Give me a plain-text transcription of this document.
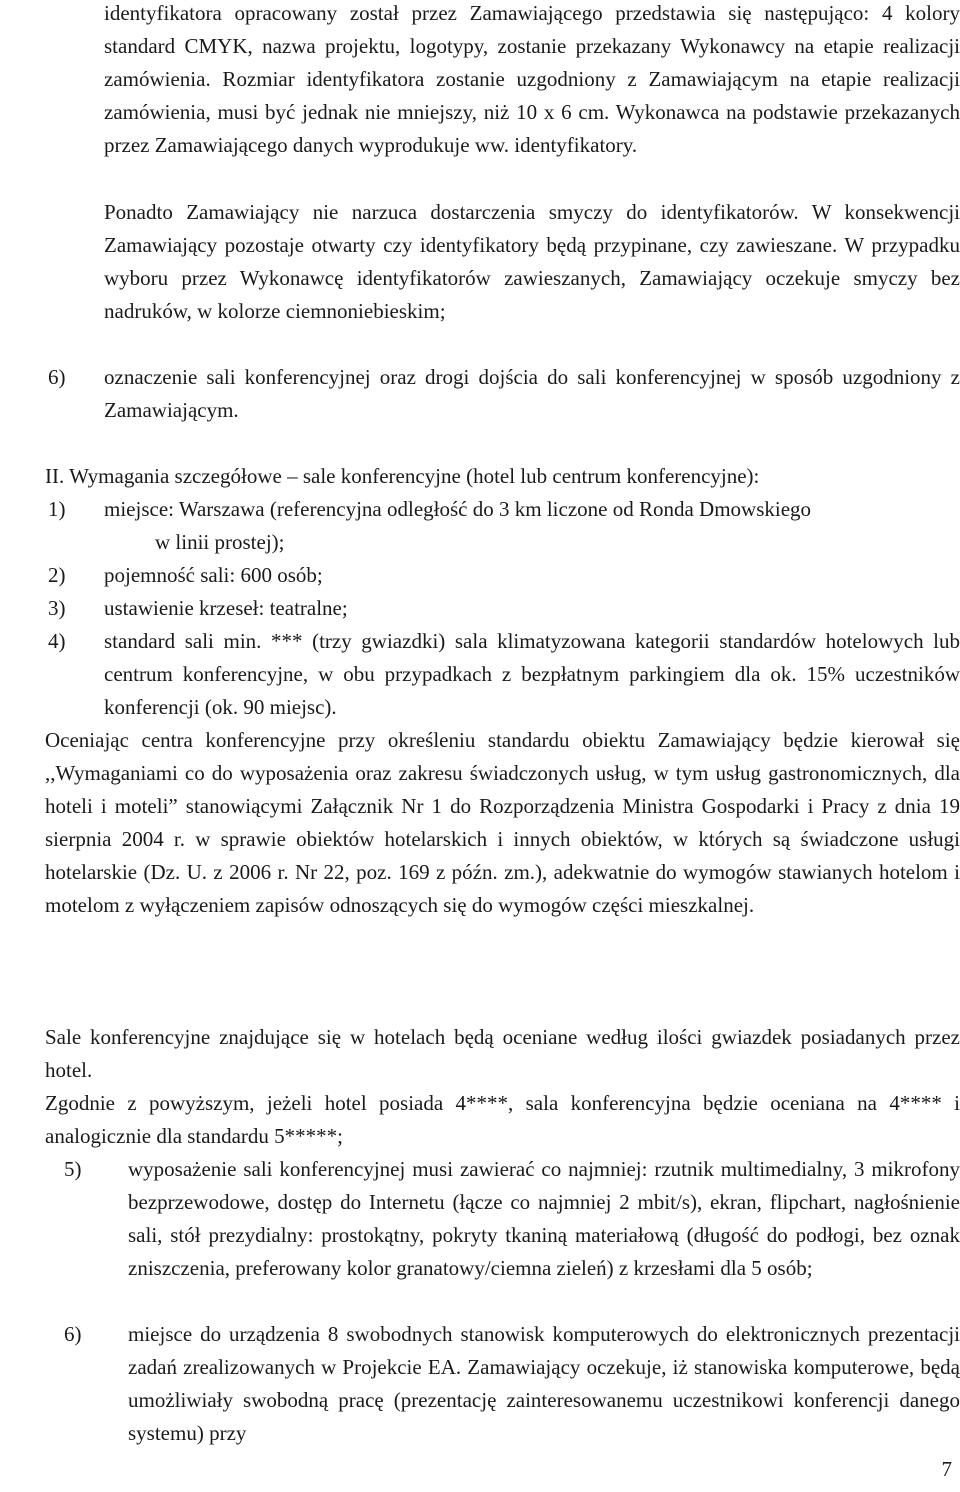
identyfikatora opracowany został przez Zamawiającego przedstawia się następująco: 4 kolory standard CMYK, nazwa projektu, logotypy, zostanie przekazany Wykonawcy na etapie realizacji zamówienia. Rozmiar identyfikatora zostanie uzgodniony z Zamawiającym na etapie realizacji zamówienia, musi być jednak nie mniejszy, niż 10 x 6 cm. Wykonawca na podstawie przekazanych przez Zamawiającego danych wyprodukuje ww. identyfikatory.
Ponadto Zamawiający nie narzuca dostarczenia smyczy do identyfikatorów. W konsekwencji Zamawiający pozostaje otwarty czy identyfikatory będą przypinane, czy zawieszane. W przypadku wyboru przez Wykonawcę identyfikatorów zawieszanych, Zamawiający oczekuje smyczy bez nadruków, w kolorze ciemnoniebieskim;
6) oznaczenie sali konferencyjnej oraz drogi dojścia do sali konferencyjnej w sposób uzgodniony z Zamawiającym.
II. Wymagania szczegółowe – sale konferencyjne (hotel lub centrum konferencyjne):
1) miejsce: Warszawa (referencyjna odległość do 3 km liczone od Ronda Dmowskiego
w linii prostej);
2) pojemność sali: 600 osób;
3) ustawienie krzeseł: teatralne;
4) standard sali min. *** (trzy gwiazdki) sala klimatyzowana kategorii standardów hotelowych lub centrum konferencyjne, w obu przypadkach z bezpłatnym parkingiem dla ok. 15% uczestników konferencji (ok. 90 miejsc).
Oceniając centra konferencyjne przy określeniu standardu obiektu Zamawiający będzie kierował się ,,Wymaganiami co do wyposażenia oraz zakresu świadczonych usług, w tym usług gastronomicznych, dla hoteli i moteli” stanowiącymi Załącznik Nr 1 do Rozporządzenia Ministra Gospodarki i Pracy z dnia 19 sierpnia 2004 r. w sprawie obiektów hotelarskich i innych obiektów, w których są świadczone usługi hotelarskie (Dz. U. z 2006 r. Nr 22, poz. 169 z późn. zm.), adekwatnie do wymogów stawianych hotelom i motelom z wyłączeniem zapisów odnoszących się do wymogów części mieszkalnej.
Sale konferencyjne znajdujące się w hotelach będą oceniane według ilości gwiazdek posiadanych przez hotel.
Zgodnie z powyższym, jeżeli hotel posiada 4****, sala konferencyjna będzie oceniana na 4**** i analogicznie dla standardu 5*****;
5) wyposażenie sali konferencyjnej musi zawierać co najmniej: rzutnik multimedialny, 3 mikrofony bezprzewodowe, dostęp do Internetu (łącze co najmniej 2 mbit/s), ekran, flipchart, nagłośnienie sali, stół prezydialny: prostokątny, pokryty tkaniną materiałową (długość do podłogi, bez oznak zniszczenia, preferowany kolor granatowy/ciemna zieleń) z krzesłami dla 5 osób;
6) miejsce do urządzenia 8 swobodnych stanowisk komputerowych do elektronicznych prezentacji zadań zrealizowanych w Projekcie EA. Zamawiający oczekuje, iż stanowiska komputerowe, będą umożliwiały swobodną pracę (prezentację zainteresowanemu uczestnikowi konferencji danego systemu) przy
7
